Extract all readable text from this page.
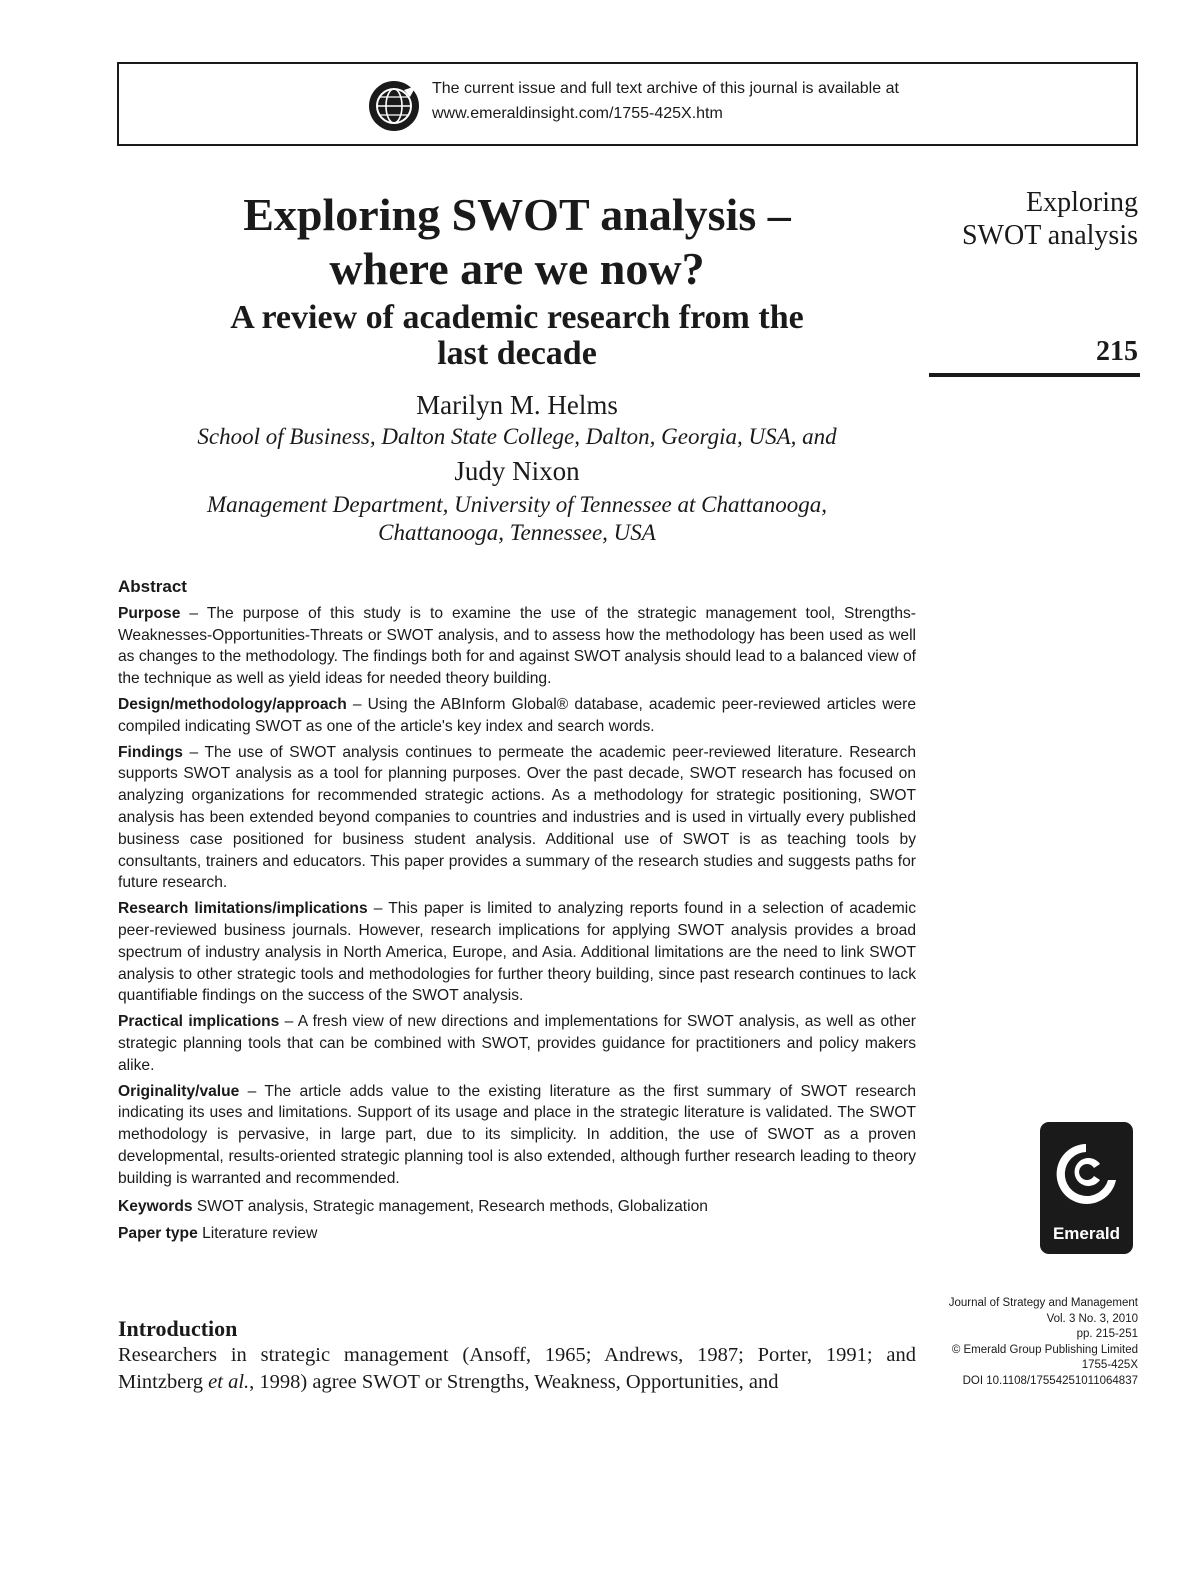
The current issue and full text archive of this journal is available at
www.emeraldinsight.com/1755-425X.htm
Exploring
SWOT analysis
215
Exploring SWOT analysis –
where are we now?
A review of academic research from the
last decade
Marilyn M. Helms
School of Business, Dalton State College, Dalton, Georgia, USA, and
Judy Nixon
Management Department, University of Tennessee at Chattanooga,
Chattanooga, Tennessee, USA
Abstract

Purpose – The purpose of this study is to examine the use of the strategic management tool, Strengths-Weaknesses-Opportunities-Threats or SWOT analysis, and to assess how the methodology has been used as well as changes to the methodology. The findings both for and against SWOT analysis should lead to a balanced view of the technique as well as yield ideas for needed theory building.

Design/methodology/approach – Using the ABInform Global® database, academic peer-reviewed articles were compiled indicating SWOT as one of the article's key index and search words.

Findings – The use of SWOT analysis continues to permeate the academic peer-reviewed literature. Research supports SWOT analysis as a tool for planning purposes. Over the past decade, SWOT research has focused on analyzing organizations for recommended strategic actions. As a methodology for strategic positioning, SWOT analysis has been extended beyond companies to countries and industries and is used in virtually every published business case positioned for business student analysis. Additional use of SWOT is as teaching tools by consultants, trainers and educators. This paper provides a summary of the research studies and suggests paths for future research.

Research limitations/implications – This paper is limited to analyzing reports found in a selection of academic peer-reviewed business journals. However, research implications for applying SWOT analysis provides a broad spectrum of industry analysis in North America, Europe, and Asia. Additional limitations are the need to link SWOT analysis to other strategic tools and methodologies for further theory building, since past research continues to lack quantifiable findings on the success of the SWOT analysis.

Practical implications – A fresh view of new directions and implementations for SWOT analysis, as well as other strategic planning tools that can be combined with SWOT, provides guidance for practitioners and policy makers alike.

Originality/value – The article adds value to the existing literature as the first summary of SWOT research indicating its uses and limitations. Support of its usage and place in the strategic literature is validated. The SWOT methodology is pervasive, in large part, due to its simplicity. In addition, the use of SWOT as a proven developmental, results-oriented strategic planning tool is also extended, although further research leading to theory building is warranted and recommended.

Keywords SWOT analysis, Strategic management, Research methods, Globalization

Paper type Literature review

Introduction
Researchers in strategic management (Ansoff, 1965; Andrews, 1987; Porter, 1991; and Mintzberg et al., 1998) agree SWOT or Strengths, Weakness, Opportunities, and
Emerald
Journal of Strategy and Management
Vol. 3 No. 3, 2010
pp. 215-251
© Emerald Group Publishing Limited
1755-425X
DOI 10.1108/17554251011064837
